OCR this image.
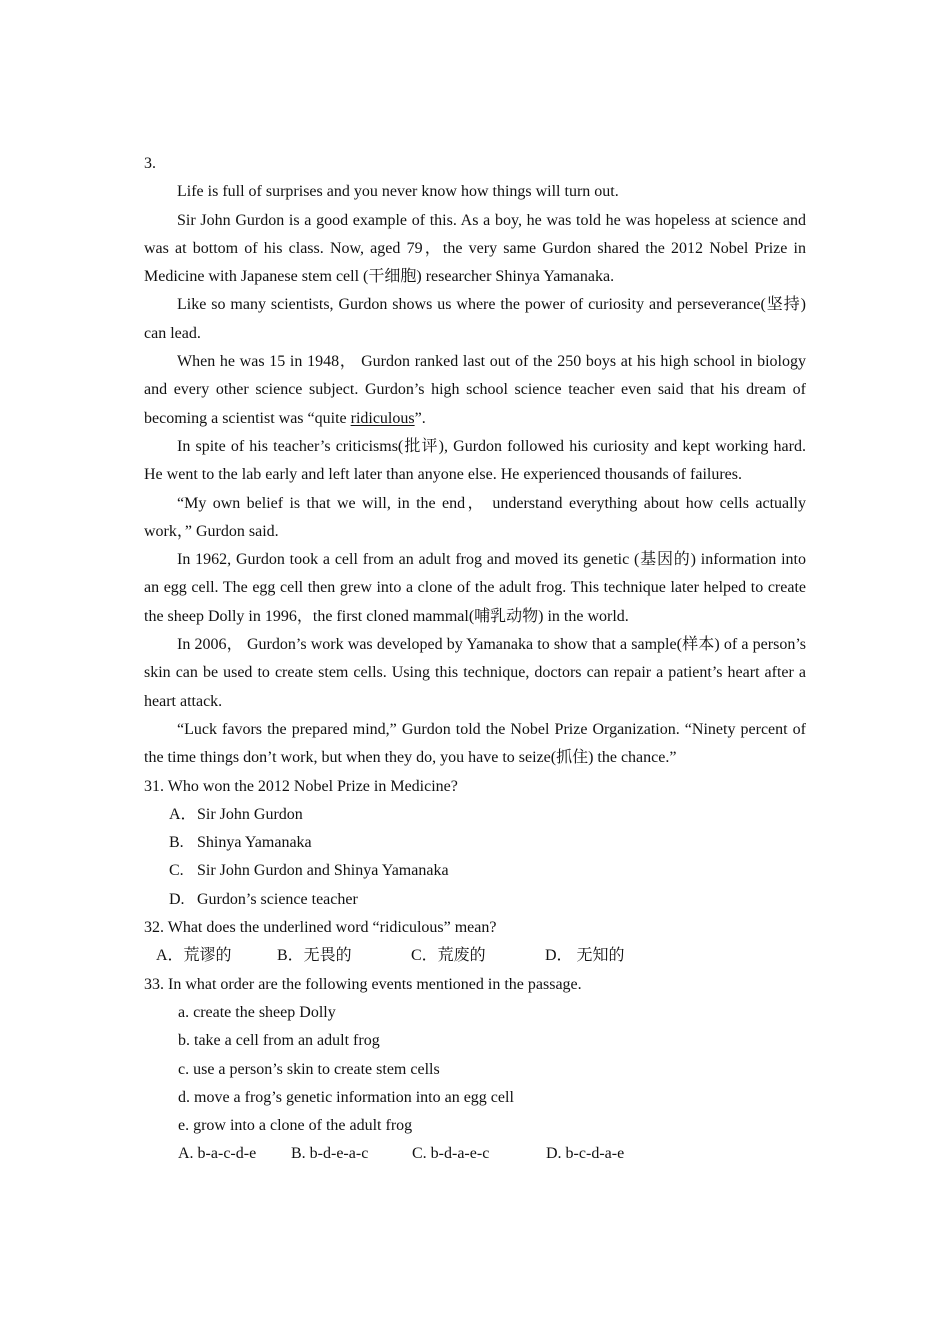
3.

Life is full of surprises and you never know how things will turn out.

Sir John Gurdon is a good example of this. As a boy, he was told he was hopeless at science and was at bottom of his class. Now, aged 79，the very same Gurdon shared the 2012 Nobel Prize in Medicine with Japanese stem cell (干细胞) researcher Shinya Yamanaka.

Like so many scientists, Gurdon shows us where the power of curiosity and perseverance(坚持) can lead.

When he was 15 in 1948， Gurdon ranked last out of the 250 boys at his high school in biology and every other science subject. Gurdon’s high school science teacher even said that his dream of becoming a scientist was “quite ridiculous”.

In spite of his teacher’s criticisms(批评), Gurdon followed his curiosity and kept working hard. He went to the lab early and left later than anyone else. He experienced thousands of failures.

“My own belief is that we will, in the end， understand everything about how cells actually work，” Gurdon said.

In 1962, Gurdon took a cell from an adult frog and moved its genetic (基因的) information into an egg cell. The egg cell then grew into a clone of the adult frog. This technique later helped to create the sheep Dolly in 1996，the first cloned mammal(哺乳动物) in the world.

In 2006， Gurdon’s work was developed by Yamanaka to show that a sample(样本) of a person’s skin can be used to create stem cells. Using this technique, doctors can repair a patient’s heart after a heart attack.

“Luck favors the prepared mind,” Gurdon told the Nobel Prize Organization. “Ninety percent of the time things don’t work, but when they do, you have to seize(抓住) the chance.”

31. Who won the 2012 Nobel Prize in Medicine?

A．Sir John Gurdon

B. Shinya Yamanaka

C. Sir John Gurdon and Shinya Yamanaka

D. Gurdon’s science teacher

32. What does the underlined word “ridiculous” mean?

A．荒谬的	B．无畏的	C．荒废的	D． 无知的

33. In what order are the following events mentioned in the passage.

a. create the sheep Dolly

b. take a cell from an adult frog

c. use a person’s skin to create stem cells

d. move a frog’s genetic information into an egg cell

e. grow into a clone of the adult frog

A. b-a-c-d-e	B. b-d-e-a-c	C. b-d-a-e-c	D. b-c-d-a-e
